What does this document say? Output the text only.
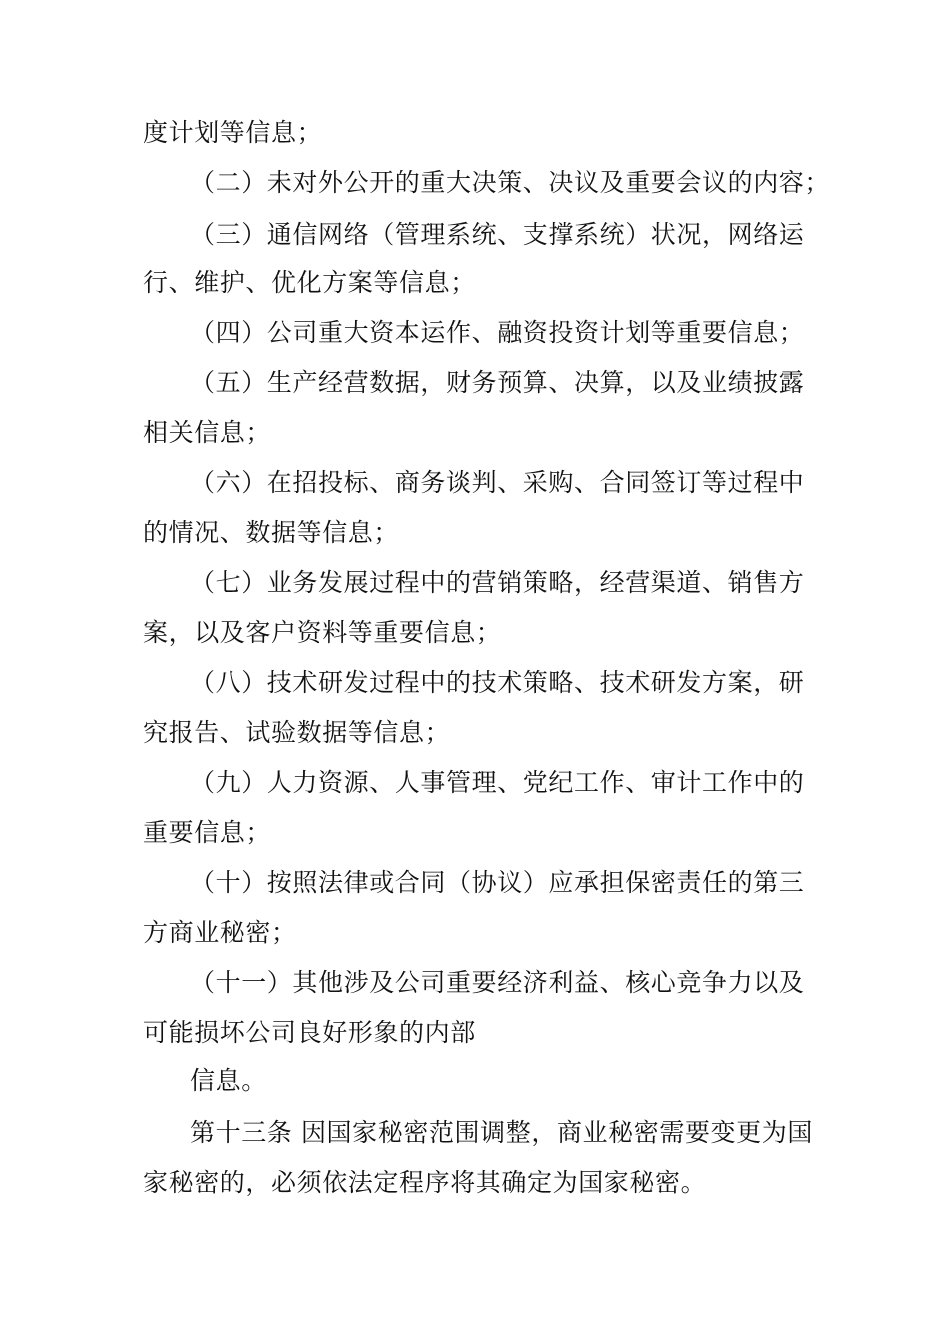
度计划等信息；
（二）未对外公开的重大决策、决议及重要会议的内容；
（三）通信网络（管理系统、支撑系统）状况，网络运
行、维护、优化方案等信息；
（四）公司重大资本运作、融资投资计划等重要信息；
（五）生产经营数据，财务预算、决算，以及业绩披露
相关信息；
（六）在招投标、商务谈判、采购、合同签订等过程中
的情况、数据等信息；
（七）业务发展过程中的营销策略，经营渠道、销售方
案，以及客户资料等重要信息；
（八）技术研发过程中的技术策略、技术研发方案，研
究报告、试验数据等信息；
（九）人力资源、人事管理、党纪工作、审计工作中的
重要信息；
（十）按照法律或合同（协议）应承担保密责任的第三
方商业秘密；
（十一）其他涉及公司重要经济利益、核心竞争力以及
可能损坏公司良好形象的内部
信息。
第十三条 因国家秘密范围调整，商业秘密需要变更为国
家秘密的，必须依法定程序将其确定为国家秘密。
